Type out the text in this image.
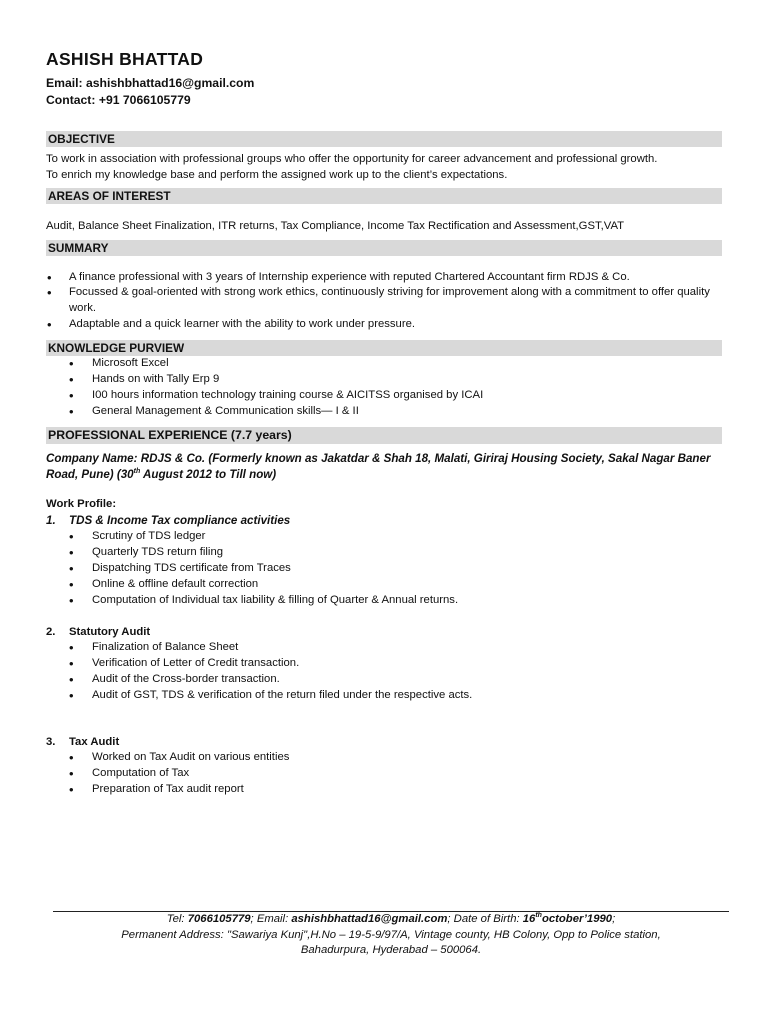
ASHISH BHATTAD
Email: ashishbhattad16@gmail.com
Contact: +91 7066105779
OBJECTIVE

To work in association with professional groups who offer the opportunity for career advancement and professional growth.

To enrich my knowledge base and perform the assigned work up to the client’s expectations.

AREAS OF INTEREST

Audit, Balance Sheet Finalization, ITR returns, Tax Compliance, Income Tax Rectification and Assessment,GST,VAT

SUMMARY
• A finance professional with 3 years of Internship experience with reputed Chartered Accountant firm RDJS & Co.
• Focussed & goal-oriented with strong work ethics, continuously striving for improvement along with a commitment to offer quality work.
• Adaptable and a quick learner with the ability to work under pressure.
KNOWLEDGE PURVIEW
• Microsoft Excel
• Hands on with Tally Erp 9
• I00 hours information technology training course & AICITSS organised by ICAI
• General Management & Communication skills— I & II
PROFESSIONAL EXPERIENCE (7.7 years)
Company Name: RDJS & Co. (Formerly known as Jakatdar & Shah 18, Malati, Giriraj Housing Society, Sakal Nagar Baner Road, Pune) (30th August 2012 to Till now)
Work Profile:
1. TDS & Income Tax compliance activities
• Scrutiny of TDS ledger
• Quarterly TDS return filing
• Dispatching TDS certificate from Traces
• Online & offline default correction
• Computation of Individual tax liability & filling of Quarter & Annual returns.
2. Statutory Audit
• Finalization of Balance Sheet
• Verification of Letter of Credit transaction.
• Audit of the Cross-border transaction.
• Audit of GST, TDS & verification of the return filed under the respective acts.
3. Tax Audit
• Worked on Tax Audit on various entities
• Computation of Tax
• Preparation of Tax audit report
Tel: 7066105779; Email: ashishbhattad16@gmail.com; Date of Birth: 16thoctober’1990;
Permanent Address: "Sawariya Kunj",H.No – 19-5-9/97/A, Vintage county, HB Colony, Opp to Police station,
Bahadurpura, Hyderabad – 500064.
